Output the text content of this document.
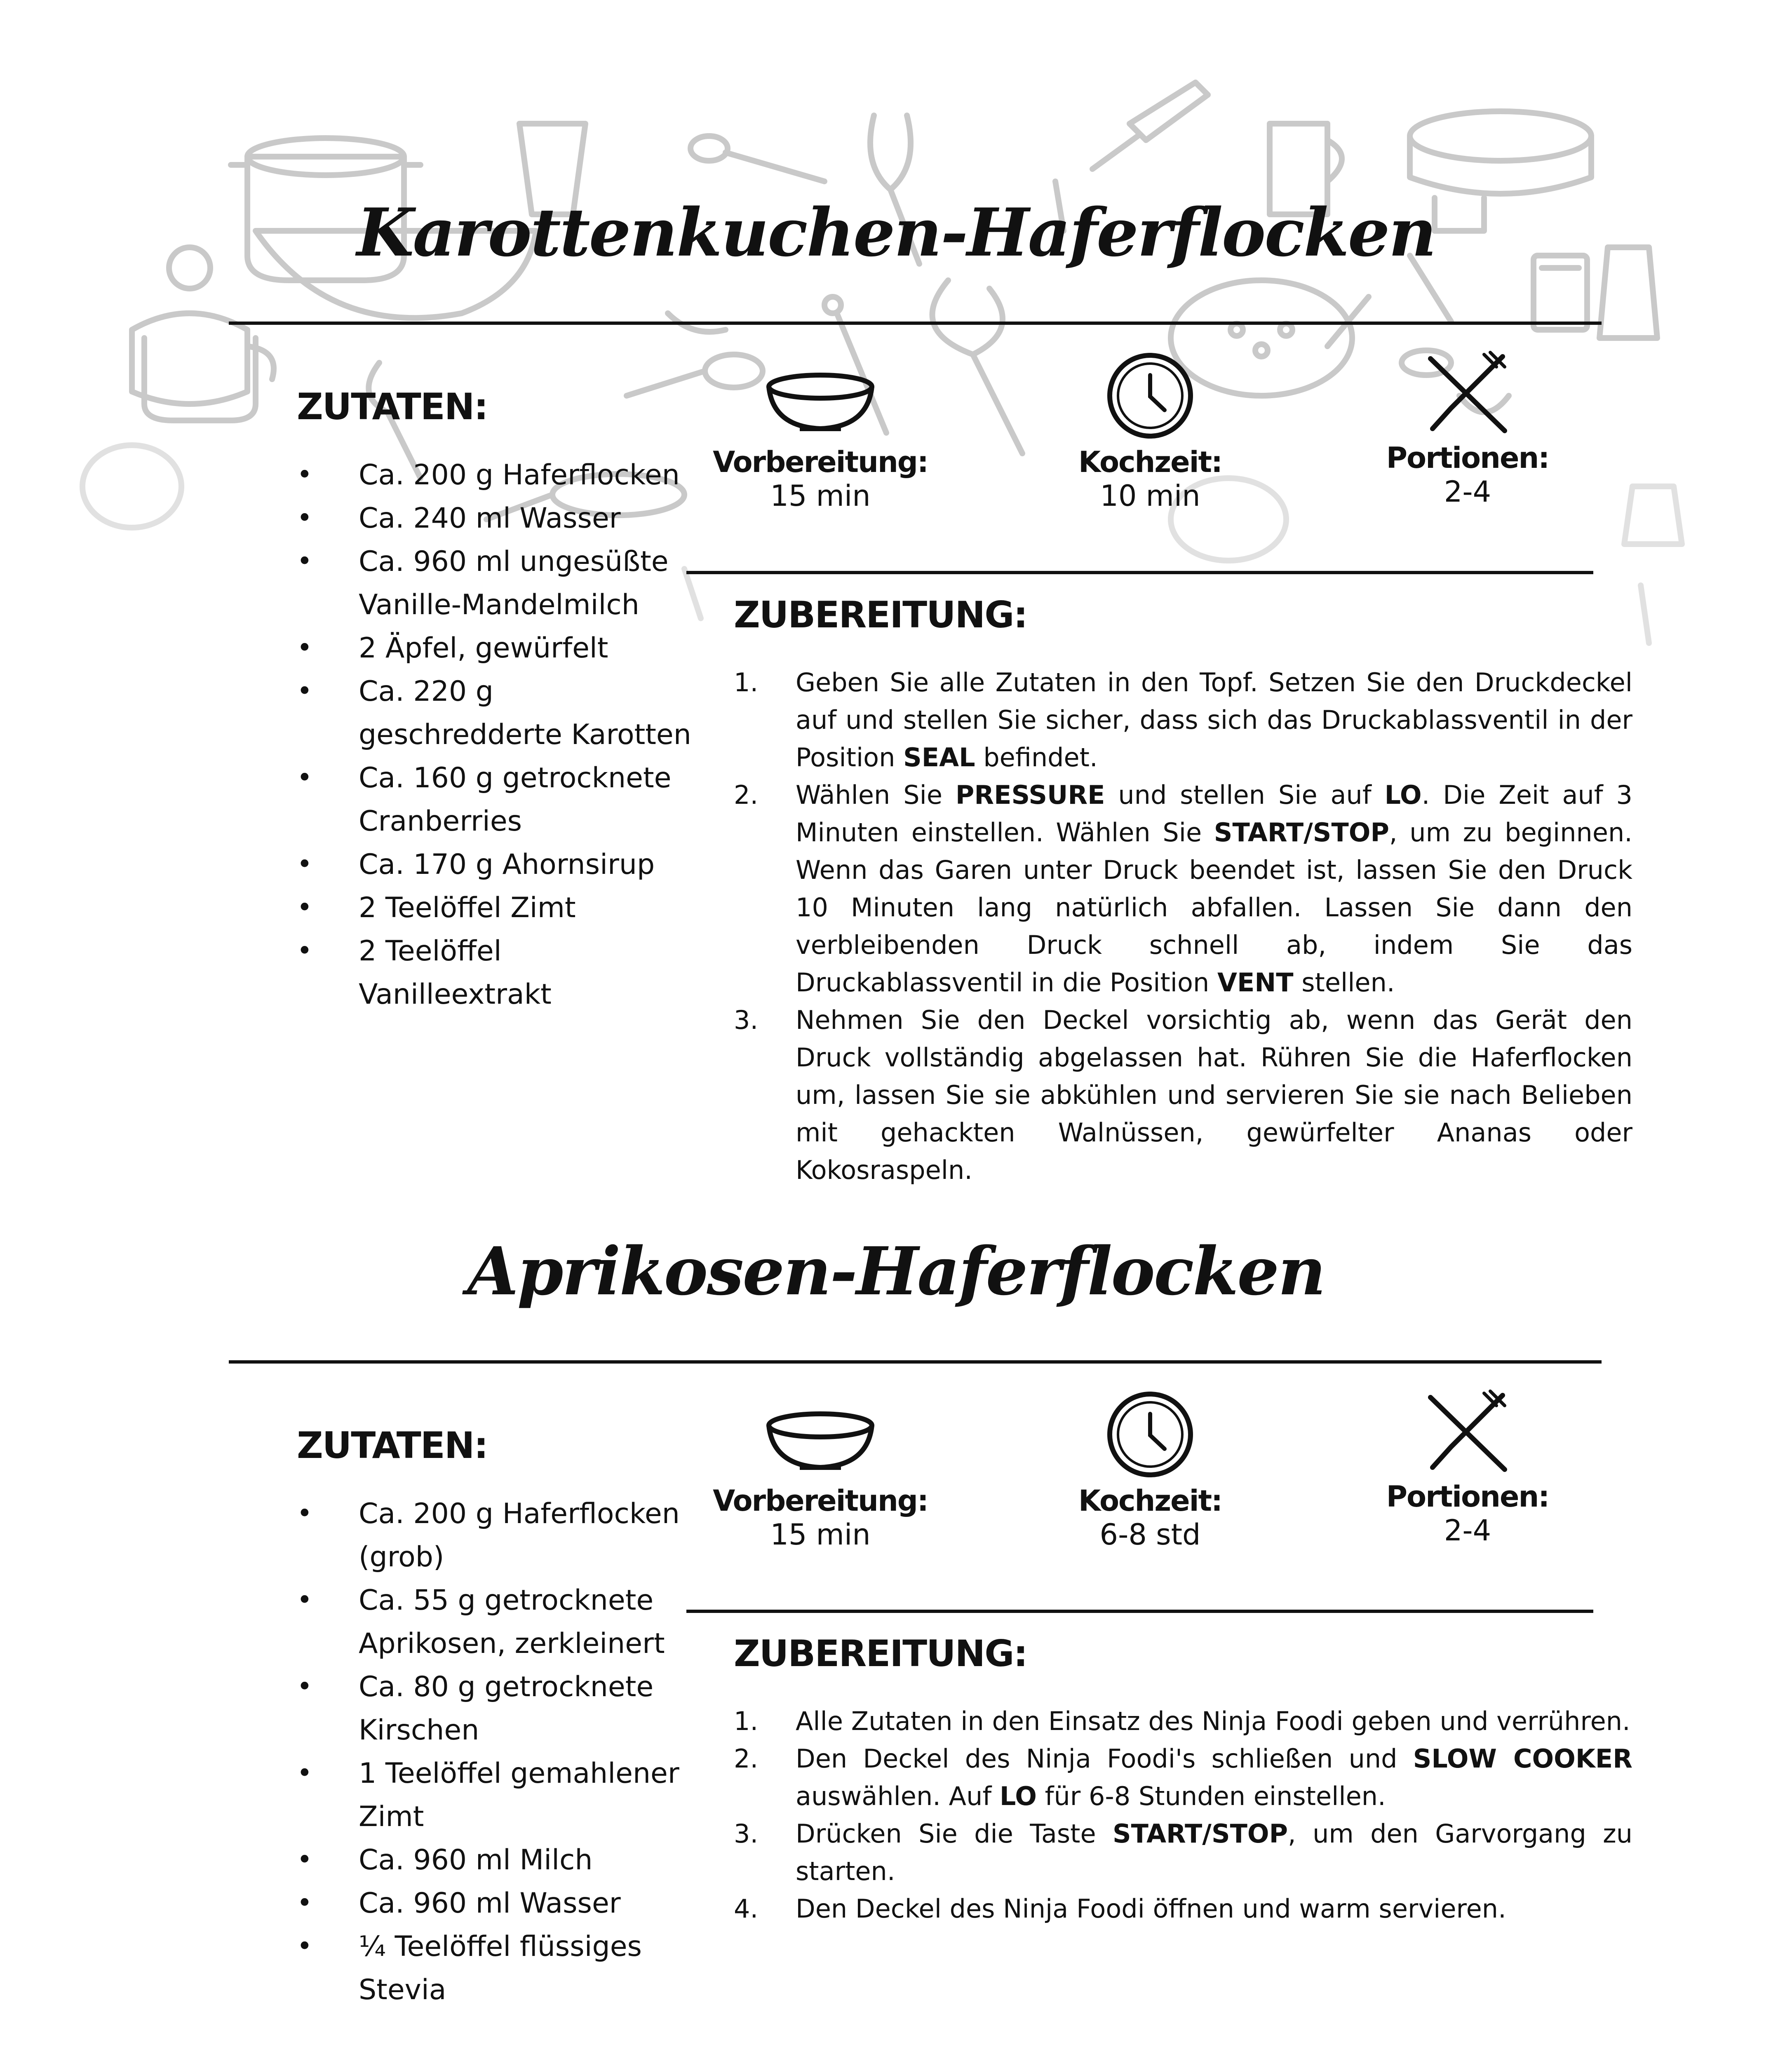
Karottenkuchen-Haferflocken
ZUTATEN:
• Ca. 200 g Haferflocken
• Ca. 240 ml Wasser
• Ca. 960 ml ungesüßte Vanille-Mandelmilch
• 2 Äpfel, gewürfelt
• Ca. 220 g geschredderte Karotten
• Ca. 160 g getrocknete Cranberries
• Ca. 170 g Ahornsirup
• 2 Teelöffel Zimt
• 2 Teelöffel Vanilleextrakt
Vorbereitung:
15 min
Kochzeit:
10 min
Portionen:
2-4
ZUBEREITUNG:
1. Geben Sie alle Zutaten in den Topf. Setzen Sie den Druckdeckel auf und stellen Sie sicher, dass sich das Druckablassventil in der Position SEAL befindet.
2. Wählen Sie PRESSURE und stellen Sie auf LO. Die Zeit auf 3 Minuten einstellen. Wählen Sie START/STOP, um zu beginnen. Wenn das Garen unter Druck beendet ist, lassen Sie den Druck 10 Minuten lang natürlich abfallen. Lassen Sie dann den verbleibenden Druck schnell ab, indem Sie das Druckablassventil in die Position VENT stellen.
3. Nehmen Sie den Deckel vorsichtig ab, wenn das Gerät den Druck vollständig abgelassen hat. Rühren Sie die Haferflocken um, lassen Sie sie abkühlen und servieren Sie sie nach Belieben mit gehackten Walnüssen, gewürfelter Ananas oder Kokosraspeln.
Aprikosen-Haferflocken
ZUTATEN:
• Ca. 200 g Haferflocken (grob)
• Ca. 55 g getrocknete Aprikosen, zerkleinert
• Ca. 80 g getrocknete Kirschen
• 1 Teelöffel gemahlener Zimt
• Ca. 960 ml Milch
• Ca. 960 ml Wasser
• ¼ Teelöffel flüssiges Stevia
Vorbereitung:
15 min
Kochzeit:
6-8 std
Portionen:
2-4
ZUBEREITUNG:
1. Alle Zutaten in den Einsatz des Ninja Foodi geben und verrühren.
2. Den Deckel des Ninja Foodi's schließen und SLOW COOKER auswählen. Auf LO für 6-8 Stunden einstellen.
3. Drücken Sie die Taste START/STOP, um den Garvorgang zu starten.
4. Den Deckel des Ninja Foodi öffnen und warm servieren.
